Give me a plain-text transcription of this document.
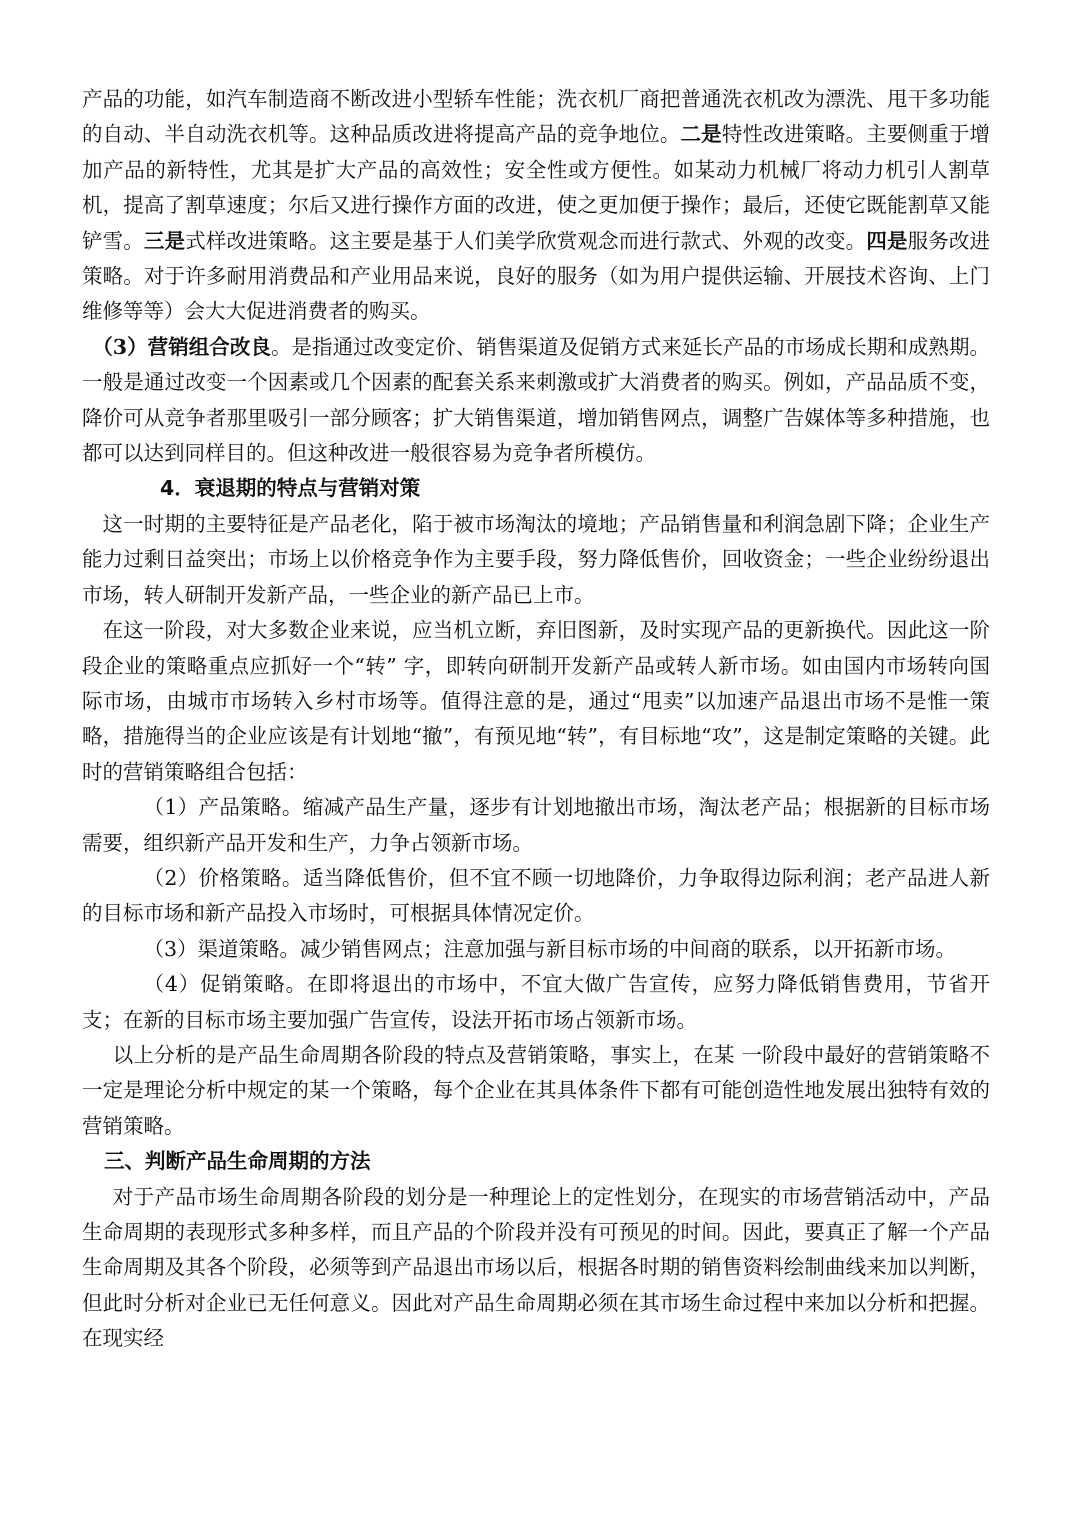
产品的功能，如汽车制造商不断改进小型轿车性能；洗衣机厂商把普通洗衣机改为漂洗、甩干多功能的自动、半自动洗衣机等。这种品质改进将提高产品的竞争地位。二是特性改进策略。主要侧重于增加产品的新特性，尤其是扩大产品的高效性；安全性或方便性。如某动力机械厂将动力机引人割草机，提高了割草速度；尔后又进行操作方面的改进，使之更加便于操作；最后，还使它既能割草又能铲雪。三是式样改进策略。这主要是基于人们美学欣赏观念而进行款式、外观的改变。四是服务改进策略。对于许多耐用消费品和产业用品来说，良好的服务（如为用户提供运输、开展技术咨询、上门维修等等）会大大促进消费者的购买。

（3）营销组合改良。是指通过改变定价、销售渠道及促销方式来延长产品的市场成长期和成熟期。一般是通过改变一个因素或几个因素的配套关系来刺激或扩大消费者的购买。例如，产品品质不变，降价可从竞争者那里吸引一部分顾客；扩大销售渠道，增加销售网点，调整广告媒体等多种措施，也都可以达到同样目的。但这种改进一般很容易为竞争者所模仿。

4．衰退期的特点与营销对策

这一时期的主要特征是产品老化，陷于被市场淘汰的境地；产品销售量和利润急剧下降；企业生产能力过剩日益突出；市场上以价格竞争作为主要手段，努力降低售价，回收资金；一些企业纷纷退出市场，转人研制开发新产品，一些企业的新产品已上市。

在这一阶段，对大多数企业来说，应当机立断，弃旧图新，及时实现产品的更新换代。因此这一阶段企业的策略重点应抓好一个“转” 字，即转向研制开发新产品或转人新市场。如由国内市场转向国际市场，由城市市场转入乡村市场等。值得注意的是，通过“甩卖”以加速产品退出市场不是惟一策略，措施得当的企业应该是有计划地“撤”，有预见地“转”，有目标地“攻”，这是制定策略的关键。此时的营销策略组合包括：

（1）产品策略。缩减产品生产量，逐步有计划地撤出市场，淘汰老产品；根据新的目标市场需要，组织新产品开发和生产，力争占领新市场。

（2）价格策略。适当降低售价，但不宜不顾一切地降价，力争取得边际利润；老产品进人新的目标市场和新产品投入市场时，可根据具体情况定价。

（3）渠道策略。减少销售网点；注意加强与新目标市场的中间商的联系，以开拓新市场。

（4）促销策略。在即将退出的市场中，不宜大做广告宣传，应努力降低销售费用，节省开支；在新的目标市场主要加强广告宣传，设法开拓市场占领新市场。

以上分析的是产品生命周期各阶段的特点及营销策略，事实上，在某 一阶段中最好的营销策略不一定是理论分析中规定的某一个策略，每个企业在其具体条件下都有可能创造性地发展出独特有效的营销策略。

三、判断产品生命周期的方法

对于产品市场生命周期各阶段的划分是一种理论上的定性划分，在现实的市场营销活动中，产品生命周期的表现形式多种多样，而且产品的个阶段并没有可预见的时间。因此，要真正了解一个产品生命周期及其各个阶段，必须等到产品退出市场以后，根据各时期的销售资料绘制曲线来加以判断，但此时分析对企业已无任何意义。因此对产品生命周期必须在其市场生命过程中来加以分析和把握。在现实经
